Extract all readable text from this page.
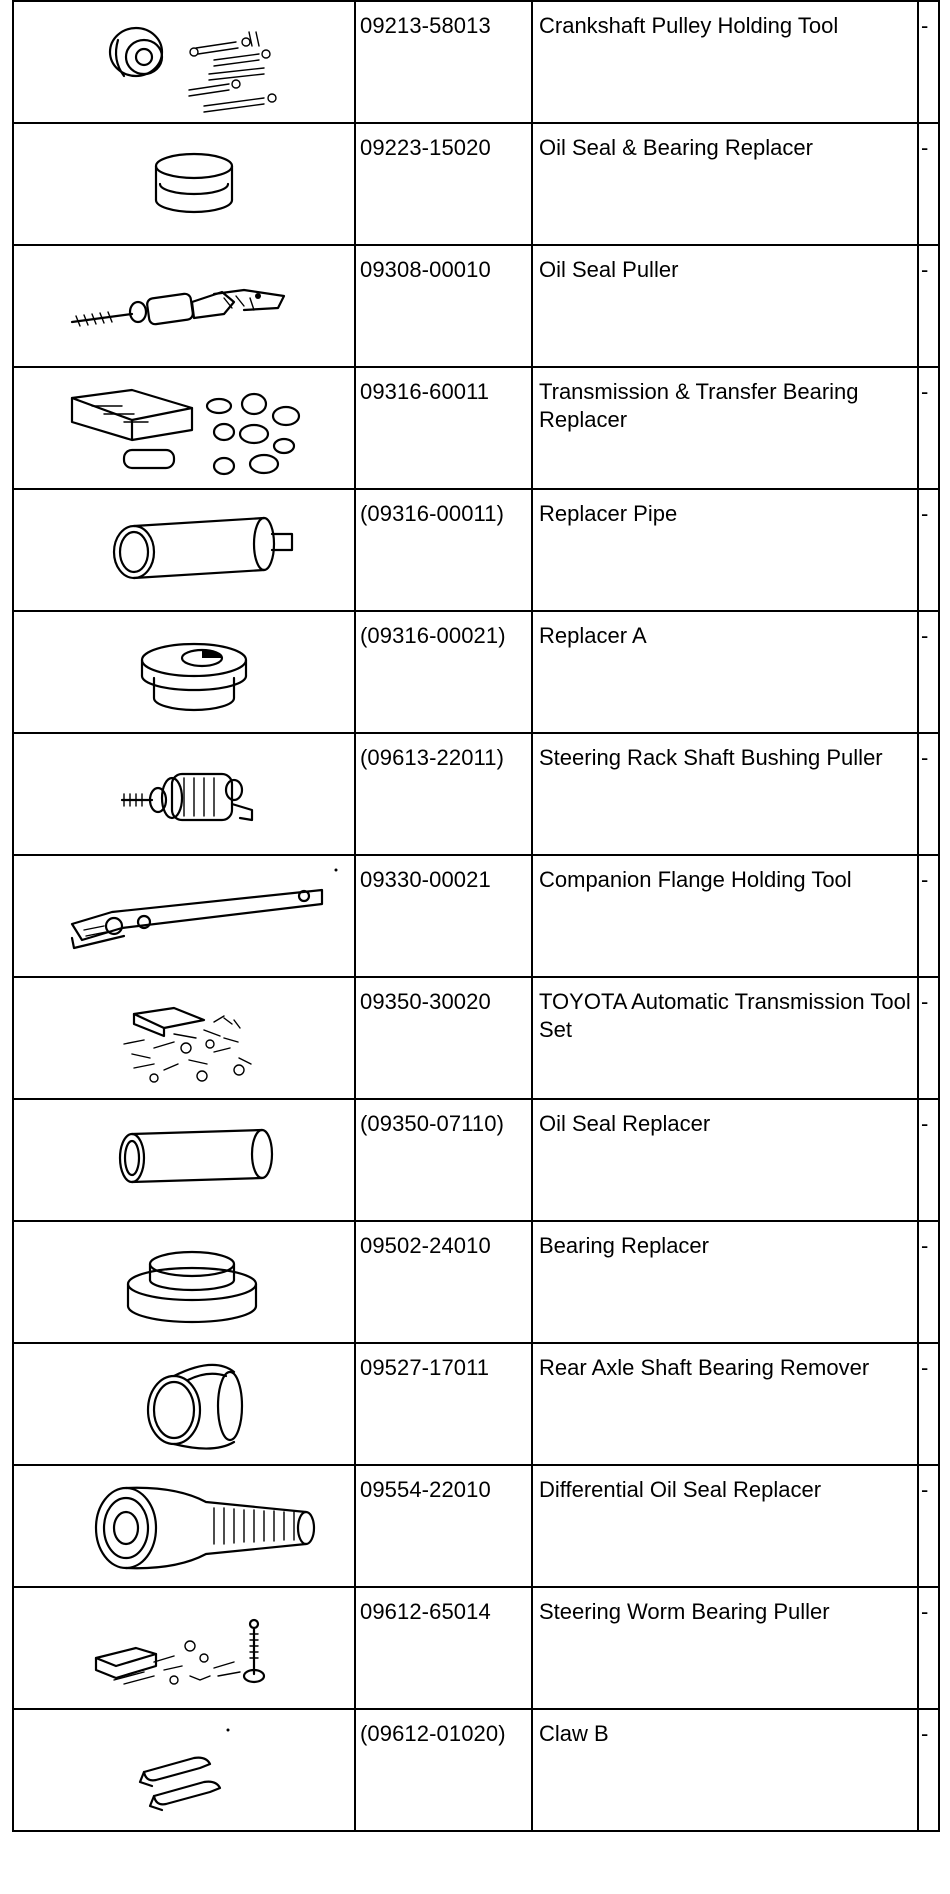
09213-58013	Crankshaft Pulley Holding Tool	-

09223-15020	Oil Seal & Bearing Replacer	-

09308-00010	Oil Seal Puller	-

09316-60011	Transmission & Transfer Bearing Replacer	-

(09316-00011)	Replacer Pipe	-

(09316-00021)	Replacer A	-

(09613-22011)	Steering Rack Shaft Bushing Puller	-

09330-00021	Companion Flange Holding Tool	-

09350-30020	TOYOTA Automatic Transmission Tool Set	-

(09350-07110)	Oil Seal Replacer	-

09502-24010	Bearing Replacer	-

09527-17011	Rear Axle Shaft Bearing Remover	-

09554-22010	Differential Oil Seal Replacer	-

09612-65014	Steering Worm Bearing Puller	-

(09612-01020)	Claw B	-
